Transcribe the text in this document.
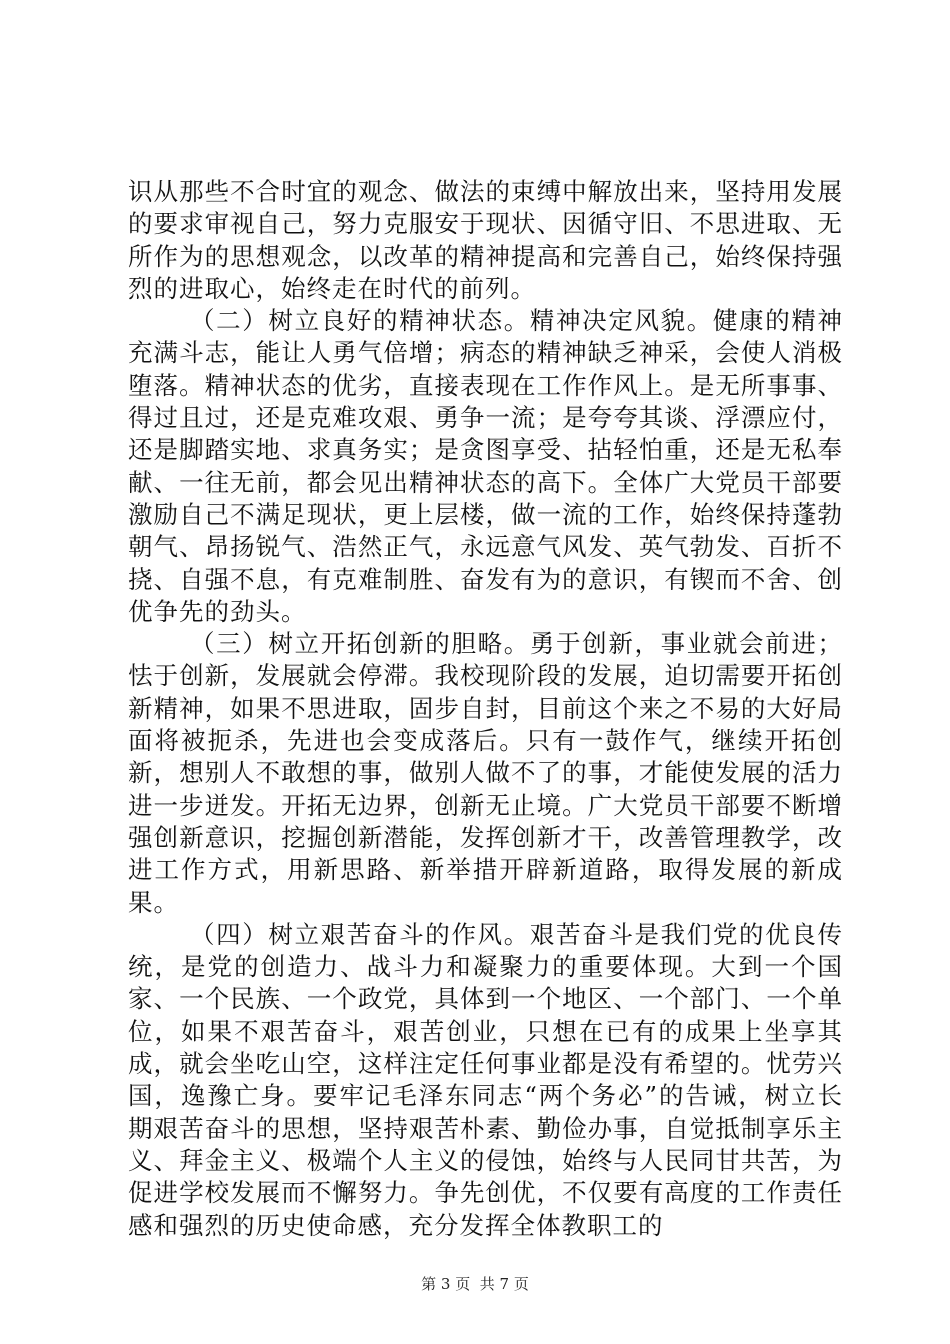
识从那些不合时宜的观念、做法的束缚中解放出来，坚持用发展的要求审视自己，努力克服安于现状、因循守旧、不思进取、无所作为的思想观念，以改革的精神提高和完善自己，始终保持强烈的进取心，始终走在时代的前列。

（二）树立良好的精神状态。精神决定风貌。健康的精神充满斗志，能让人勇气倍增；病态的精神缺乏神采，会使人消极堕落。精神状态的优劣，直接表现在工作作风上。是无所事事、得过且过，还是克难攻艰、勇争一流；是夸夸其谈、浮漂应付，还是脚踏实地、求真务实；是贪图享受、拈轻怕重，还是无私奉献、一往无前，都会见出精神状态的高下。全体广大党员干部要激励自己不满足现状，更上层楼，做一流的工作，始终保持蓬勃朝气、昂扬锐气、浩然正气，永远意气风发、英气勃发、百折不挠、自强不息，有克难制胜、奋发有为的意识，有锲而不舍、创优争先的劲头。

（三）树立开拓创新的胆略。勇于创新，事业就会前进；怯于创新，发展就会停滞。我校现阶段的发展，迫切需要开拓创新精神，如果不思进取，固步自封，目前这个来之不易的大好局面将被扼杀，先进也会变成落后。只有一鼓作气，继续开拓创新，想别人不敢想的事，做别人做不了的事，才能使发展的活力进一步迸发。开拓无边界，创新无止境。广大党员干部要不断增强创新意识，挖掘创新潜能，发挥创新才干，改善管理教学，改进工作方式，用新思路、新举措开辟新道路，取得发展的新成果。

（四）树立艰苦奋斗的作风。艰苦奋斗是我们党的优良传统，是党的创造力、战斗力和凝聚力的重要体现。大到一个国家、一个民族、一个政党，具体到一个地区、一个部门、一个单位，如果不艰苦奋斗，艰苦创业，只想在已有的成果上坐享其成，就会坐吃山空，这样注定任何事业都是没有希望的。忧劳兴国，逸豫亡身。要牢记毛泽东同志“两个务必”的告诫，树立长期艰苦奋斗的思想，坚持艰苦朴素、勤俭办事，自觉抵制享乐主义、拜金主义、极端个人主义的侵蚀，始终与人民同甘共苦，为促进学校发展而不懈努力。争先创优，不仅要有高度的工作责任感和强烈的历史使命感，充分发挥全体教职工的

第 3 页  共 7 页
